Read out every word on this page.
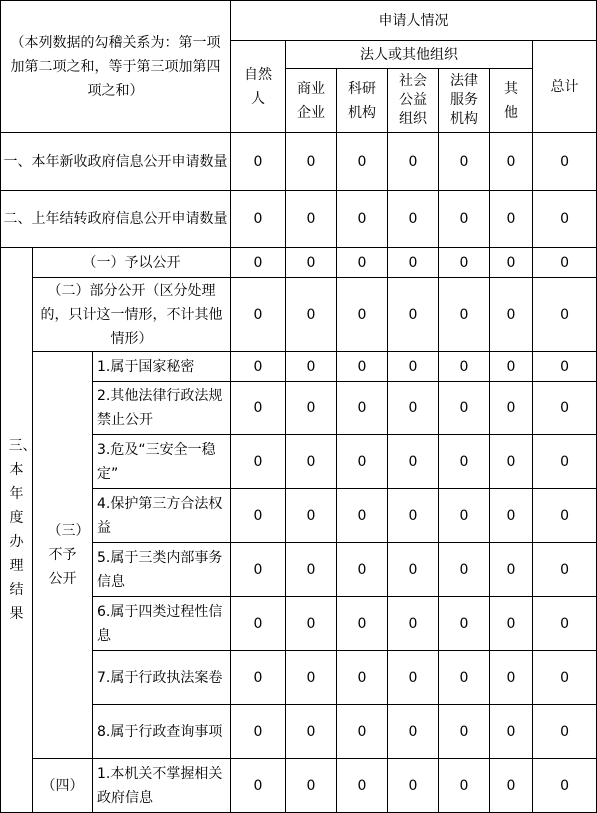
（本列数据的勾稽关系为：第一项加第二项之和，等于第三项加第四项之和）			申请人情况						

			自然人	法人或其他组织					总计

				商业企业	科研机构	社会公益组织	法律服务机构	其他	

一、本年新收政府信息公开申请数量			0	0	0	0	0	0	0
二、上年结转政府信息公开申请数量			0	0	0	0	0	0	0

三、本年度办理结果	（一）予以公开		0	0	0	0	0	0	0
	（二）部分公开（区分处理的，只计这一情形，不计其他情形）		0	0	0	0	0	0	0

	（三）不予公开	1.属于国家秘密	0	0	0	0	0	0	0
		2.其他法律行政法规禁止公开	0	0	0	0	0	0	0
		3.危及“三安全一稳定”	0	0	0	0	0	0	0
		4.保护第三方合法权益	0	0	0	0	0	0	0
		5.属于三类内部事务信息	0	0	0	0	0	0	0
		6.属于四类过程性信息	0	0	0	0	0	0	0
		7.属于行政执法案卷	0	0	0	0	0	0	0
		8.属于行政查询事项	0	0	0	0	0	0	0
	（四）	1.本机关不掌握相关政府信息	0	0	0	0	0	0	0
